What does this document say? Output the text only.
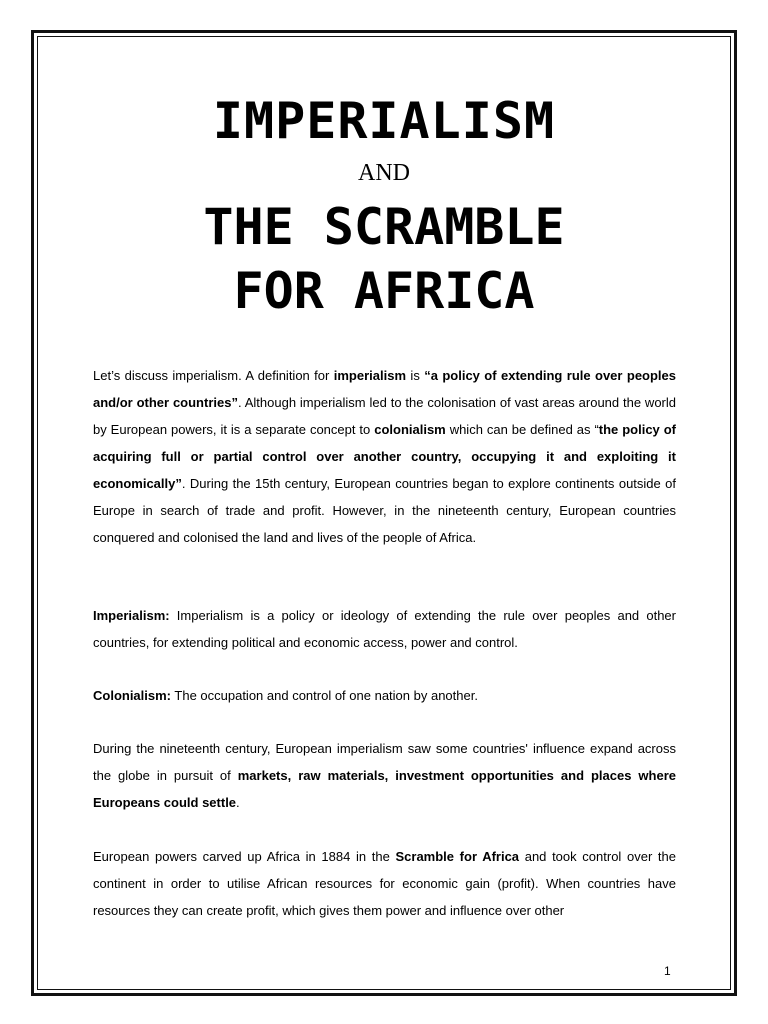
IMPERIALISM
AND
THE SCRAMBLE
FOR AFRICA
Let’s discuss imperialism. A definition for imperialism is “a policy of extending rule over peoples and/or other countries”. Although imperialism led to the colonisation of vast areas around the world by European powers, it is a separate concept to colonialism which can be defined as “the policy of acquiring full or partial control over another country, occupying it and exploiting it economically”. During the 15th century, European countries began to explore continents outside of Europe in search of trade and profit. However, in the nineteenth century, European countries conquered and colonised the land and lives of the people of Africa.
Imperialism: Imperialism is a policy or ideology of extending the rule over peoples and other countries, for extending political and economic access, power and control.
Colonialism: The occupation and control of one nation by another.
During the nineteenth century, European imperialism saw some countries' influence expand across the globe in pursuit of markets, raw materials, investment opportunities and places where Europeans could settle.
European powers carved up Africa in 1884 in the Scramble for Africa and took control over the continent in order to utilise African resources for economic gain (profit). When countries have resources they can create profit, which gives them power and influence over other
1
